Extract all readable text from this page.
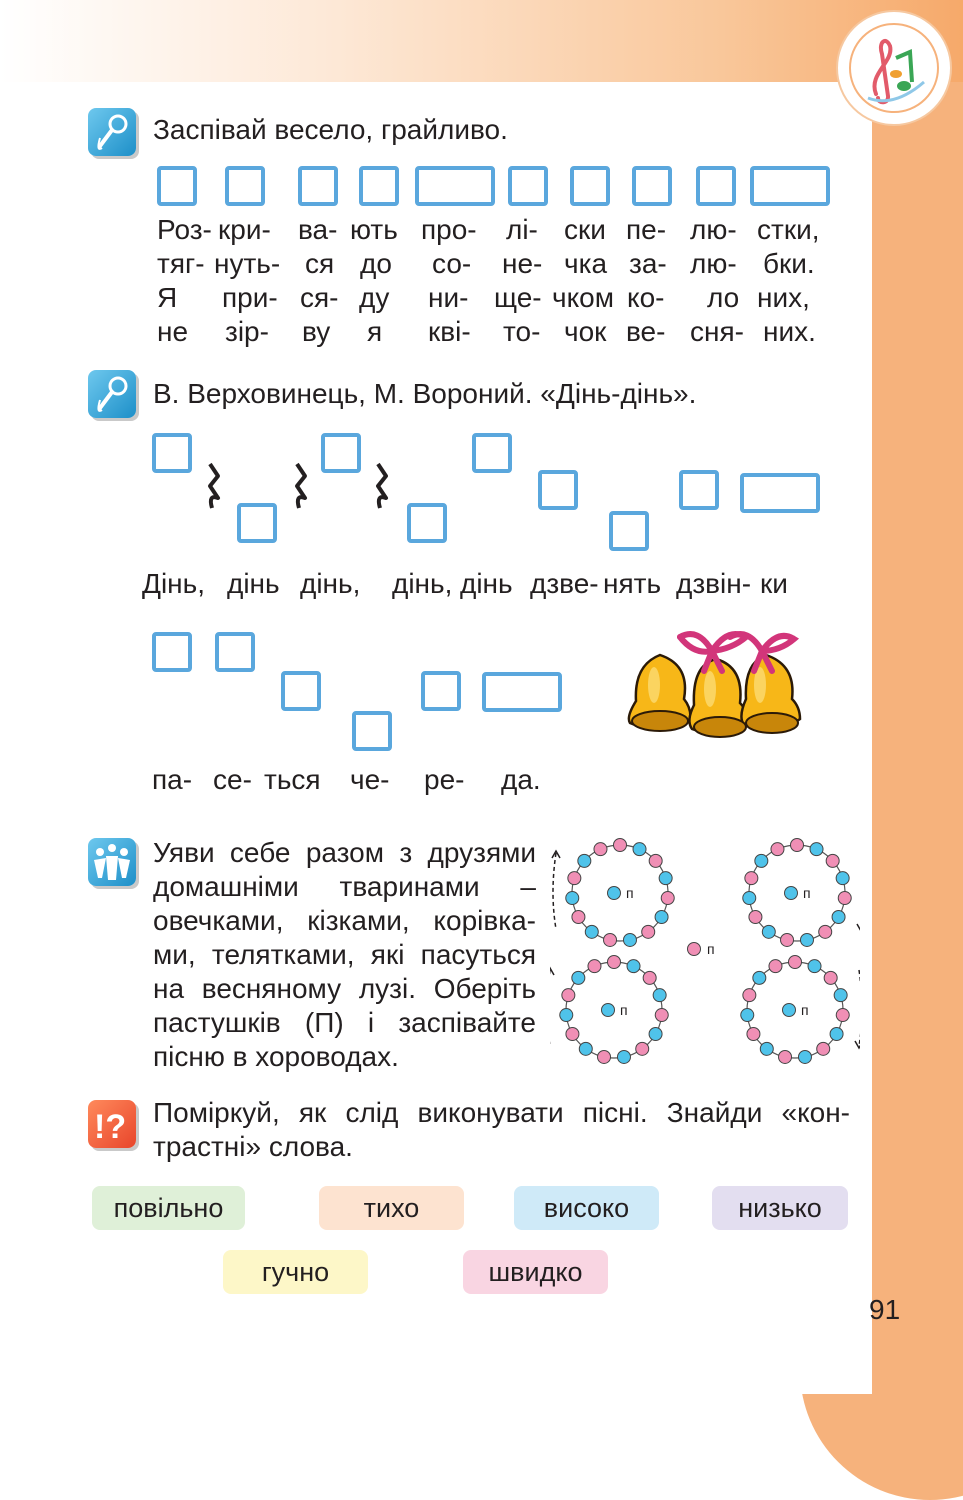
Заспівай весело, грайливо.
Роз- кри- ва- ють про- лі- ски пе- лю- стки,
тяг- нуть- ся до со- не- чка за- лю- бки.
Я при- ся- ду ни- ще- чком ко- ло них,
не зір- ву я кві- то- чок ве- сня- них.
В. Верховинець, М. Вороний. «Дінь-дінь».
Дінь, дінь дінь, дінь, дінь дзве- нять дзвін- ки
па- се- ться че- ре- да.
Уяви себе разом з друзями
домашніми тваринами –
овечками, кізками, корівка-
ми, телятками, які пасуться
на весняному лузі. Оберіть
пастушків (П) і заспівайте
пісню в хороводах.
п	п
п	п
п
!? Поміркуй, як слід виконувати пісні. Знайди «кон-
трастні» слова.
повільно	тихо	високо	низько
гучно	швидко
91
